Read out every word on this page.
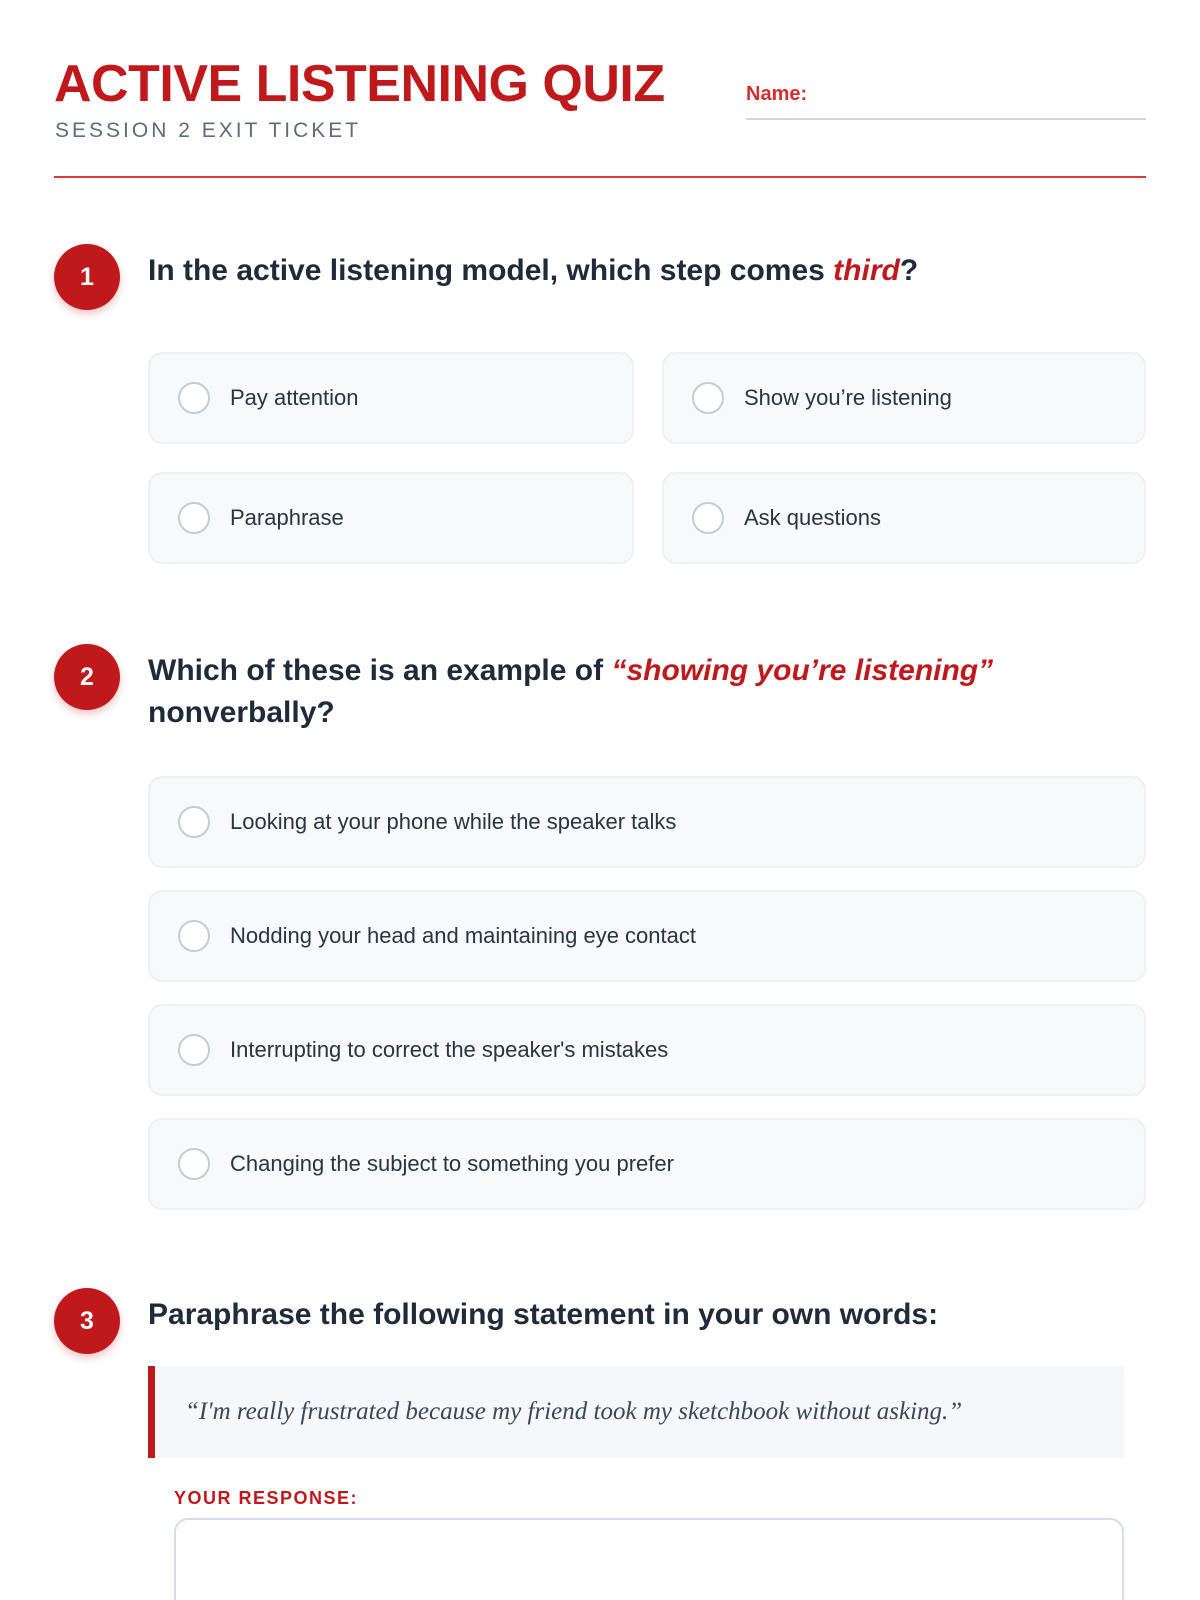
ACTIVE LISTENING QUIZ
SESSION 2 EXIT TICKET
Name:
1	In the active listening model, which step comes third?
Pay attention	Show you’re listening
Paraphrase	Ask questions
2	Which of these is an example of “showing you’re listening” nonverbally?
Looking at your phone while the speaker talks
Nodding your head and maintaining eye contact
Interrupting to correct the speaker's mistakes
Changing the subject to something you prefer
3	Paraphrase the following statement in your own words:
“I'm really frustrated because my friend took my sketchbook without asking.”
YOUR RESPONSE:
